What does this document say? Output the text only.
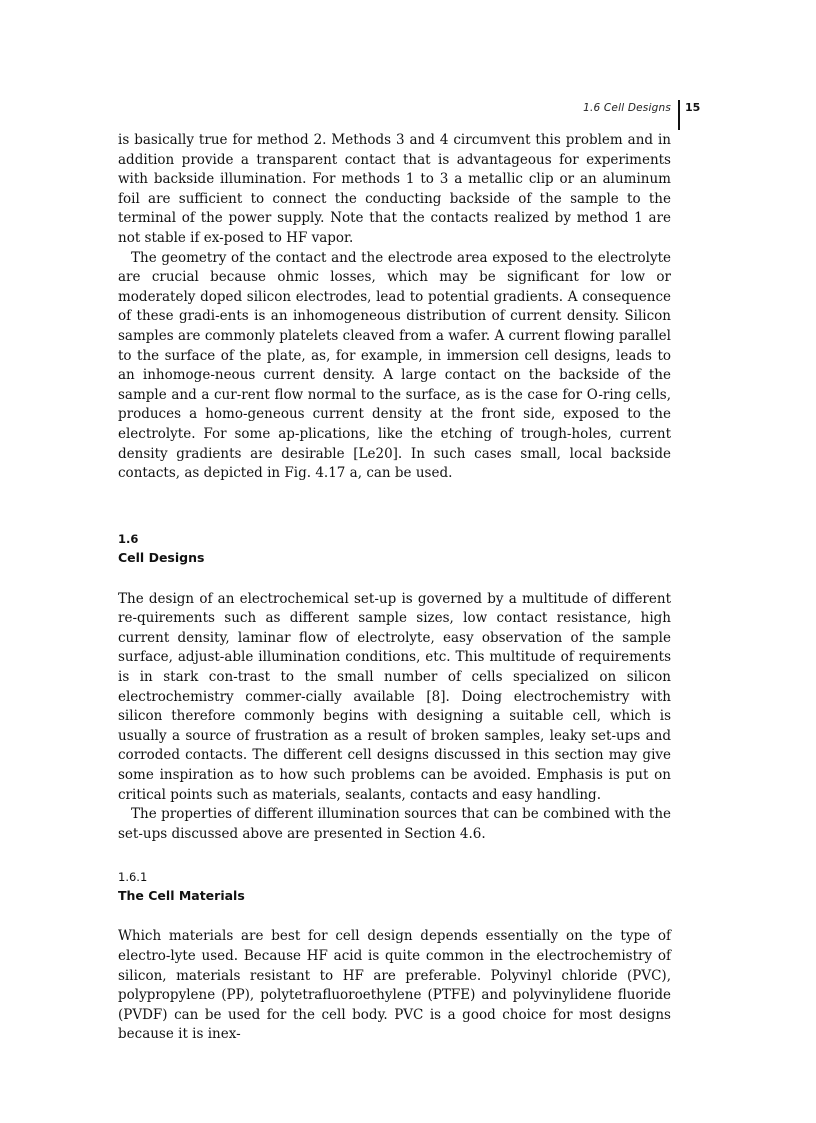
1.6 Cell Designs 15

is basically true for method 2. Methods 3 and 4 circumvent this problem and in addition provide a transparent contact that is advantageous for experiments with backside illumination. For methods 1 to 3 a metallic clip or an aluminum foil are sufficient to connect the conducting backside of the sample to the terminal of the power supply. Note that the contacts realized by method 1 are not stable if ex-posed to HF vapor.

The geometry of the contact and the electrode area exposed to the electrolyte are crucial because ohmic losses, which may be significant for low or moderately doped silicon electrodes, lead to potential gradients. A consequence of these gradi-ents is an inhomogeneous distribution of current density. Silicon samples are commonly platelets cleaved from a wafer. A current flowing parallel to the surface of the plate, as, for example, in immersion cell designs, leads to an inhomoge-neous current density. A large contact on the backside of the sample and a cur-rent flow normal to the surface, as is the case for O-ring cells, produces a homo-geneous current density at the front side, exposed to the electrolyte. For some ap-plications, like the etching of trough-holes, current density gradients are desirable [Le20]. In such cases small, local backside contacts, as depicted in Fig. 4.17 a, can be used.

1.6

Cell Designs

The design of an electrochemical set-up is governed by a multitude of different re-quirements such as different sample sizes, low contact resistance, high current density, laminar flow of electrolyte, easy observation of the sample surface, adjust-able illumination conditions, etc. This multitude of requirements is in stark con-trast to the small number of cells specialized on silicon electrochemistry commer-cially available [8]. Doing electrochemistry with silicon therefore commonly begins with designing a suitable cell, which is usually a source of frustration as a result of broken samples, leaky set-ups and corroded contacts. The different cell designs discussed in this section may give some inspiration as to how such problems can be avoided. Emphasis is put on critical points such as materials, sealants, contacts and easy handling.

The properties of different illumination sources that can be combined with the set-ups discussed above are presented in Section 4.6.

1.6.1

The Cell Materials

Which materials are best for cell design depends essentially on the type of electro-lyte used. Because HF acid is quite common in the electrochemistry of silicon, materials resistant to HF are preferable. Polyvinyl chloride (PVC), polypropylene (PP), polytetrafluoroethylene (PTFE) and polyvinylidene fluoride (PVDF) can be used for the cell body. PVC is a good choice for most designs because it is inex-
